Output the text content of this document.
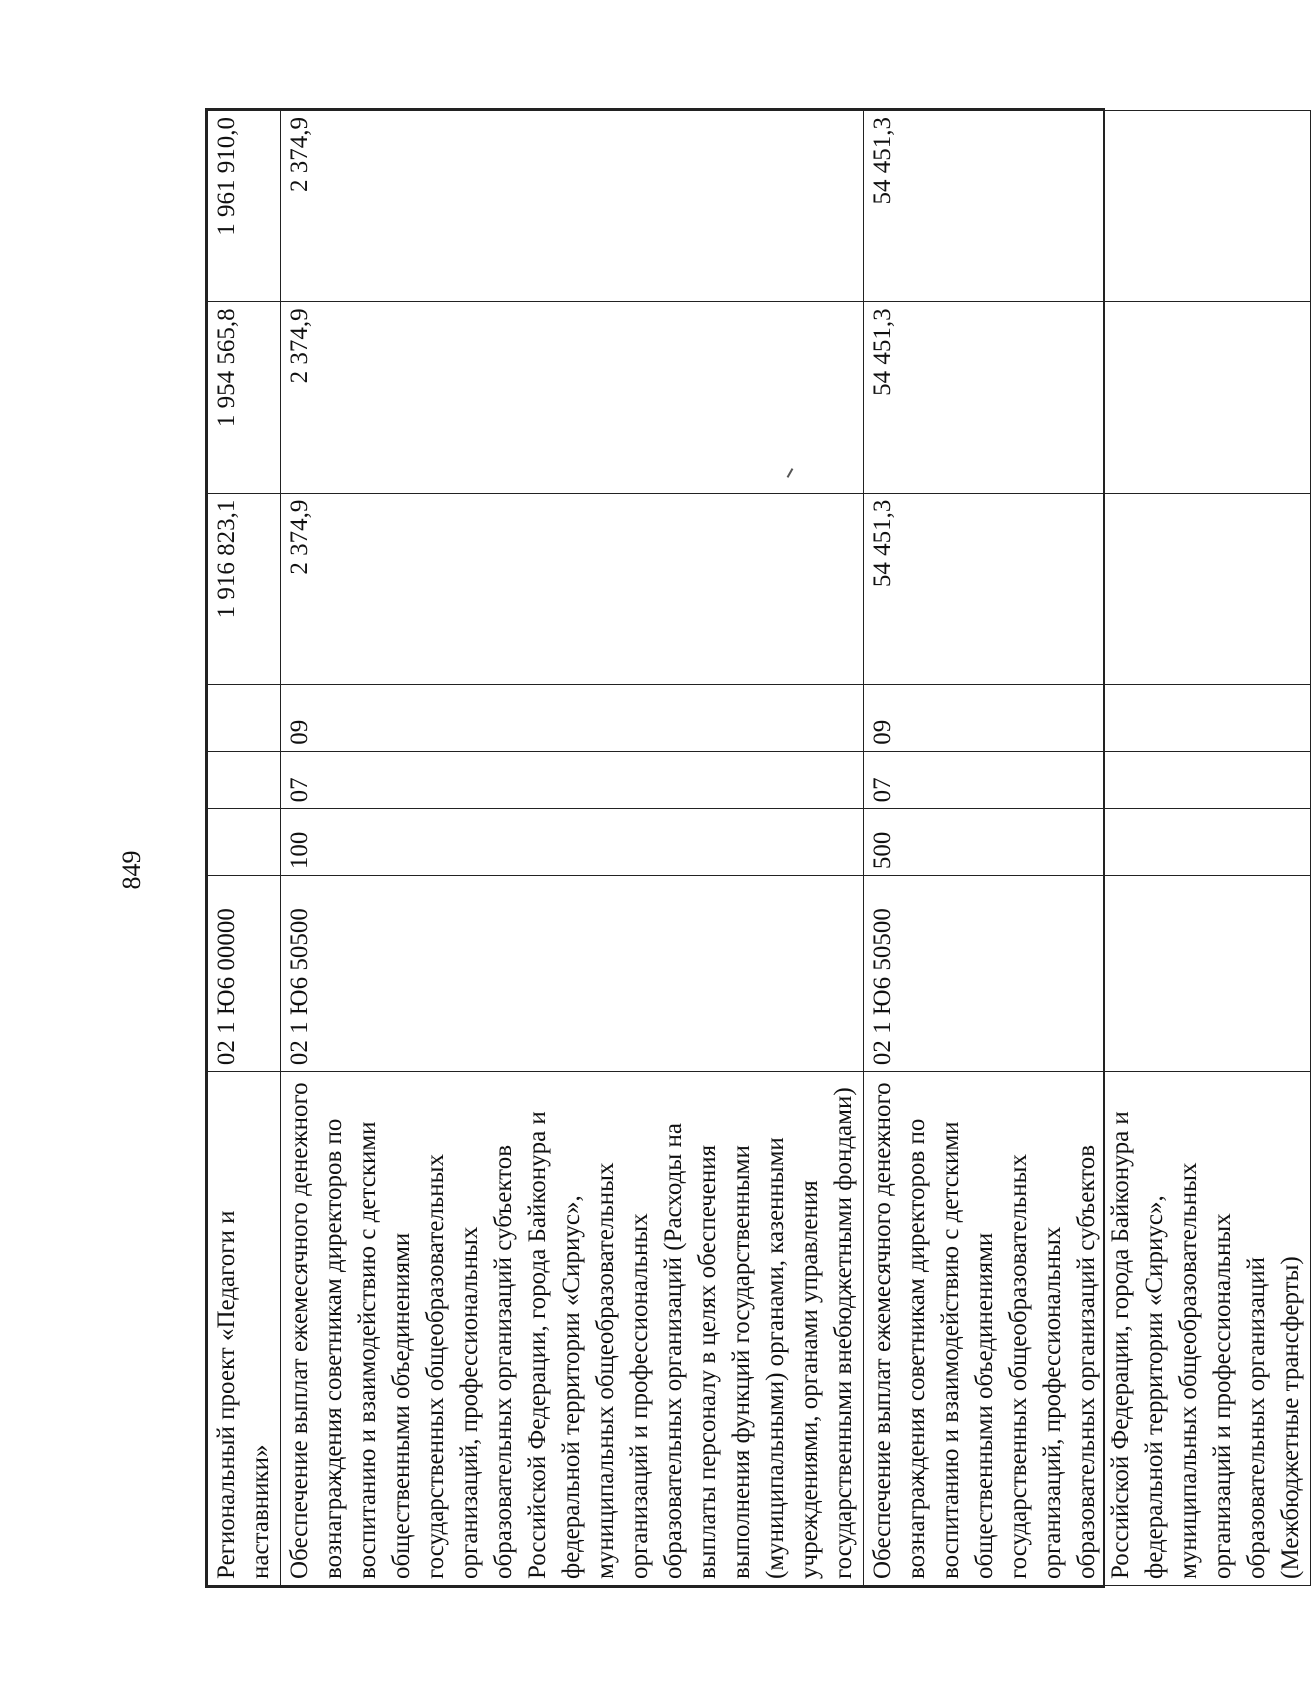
849
Региональный проект «Педагоги и наставники»	02 1 Ю6 00000				1 916 823,1	1 954 565,8	1 961 910,0
Обеспечение выплат ежемесячного денежного вознаграждения советникам директоров по воспитанию и взаимодействию с детскими общественными объединениями государственных общеобразовательных организаций, профессиональных образовательных организаций субъектов Российской Федерации, города Байконура и федеральной территории «Сириус», муниципальных общеобразовательных организаций и профессиональных образовательных организаций (Расходы на выплаты персоналу в целях обеспечения выполнения функций государственными (муниципальными) органами, казенными учреждениями, органами управления государственными внебюджетными фондами)	02 1 Ю6 50500	100	07	09	2 374,9	2 374,9	2 374,9
Обеспечение выплат ежемесячного денежного вознаграждения советникам директоров по воспитанию и взаимодействию с детскими общественными объединениями государственных общеобразовательных организаций, профессиональных образовательных организаций субъектов Российской Федерации, города Байконура и федеральной территории «Сириус», муниципальных общеобразовательных организаций и профессиональных образовательных организаций (Межбюджетные трансферты)	02 1 Ю6 50500	500	07	09	54 451,3	54 451,3	54 451,3
